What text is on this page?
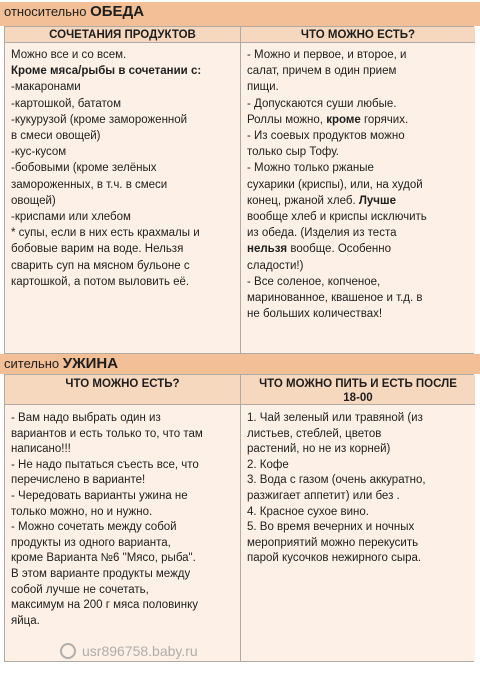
относительно ОБЕДА
СОЧЕТАНИЯ ПРОДУКТОВ	ЧТО МОЖНО ЕСТЬ?
Можно все и со всем.
Кроме мяса/рыбы в сочетании с:
-макаронами
-картошкой, бататом
-кукурузой (кроме замороженной
в смеси овощей)
-кус-кусом
-бобовыми (кроме зелёных
замороженных, в т.ч. в смеси
овощей)
-криспами или хлебом
* супы, если в них есть крахмалы и
бобовые варим на воде. Нельзя
сварить суп на мясном бульоне с
картошкой, а потом выловить её.
- Можно и первое, и второе, и
салат, причем в один прием
пищи.
- Допускаются суши любые.
Роллы можно, кроме горячих.
- Из соевых продуктов можно
только сыр Тофу.
- Можно только ржаные
сухарики (криспы), или, на худой
конец, ржаной хлеб. Лучше
вообще хлеб и криспы исключить
из обеда. (Изделия из теста
нельзя вообще. Особенно
сладости!)
- Все соленое, копченое,
маринованное, квашеное и т.д. в
не больших количествах!
сительно УЖИНА
ЧТО МОЖНО ЕСТЬ?	ЧТО МОЖНО ПИТЬ И ЕСТЬ ПОСЛЕ
18-00
- Вам надо выбрать один из
вариантов и есть только то, что там
написано!!!
- Не надо пытаться съесть все, что
перечислено в варианте!
- Чередовать варианты ужина не
только можно, но и нужно.
- Можно сочетать между собой
продукты из одного варианта,
кроме Варианта №6 "Мясо, рыба".
В этом варианте продукты между
собой лучше не сочетать,
максимум на 200 г мяса половинку
яйца.
1. Чай зеленый или травяной (из
листьев, стеблей, цветов
растений, но не из корней)
2. Кофе
3. Вода с газом (очень аккуратно,
разжигает аппетит) или без .
4. Красное сухое вино.
5. Во время вечерних и ночных
мероприятий можно перекусить
парой кусочков нежирного сыра.
usr896758.baby.ru
